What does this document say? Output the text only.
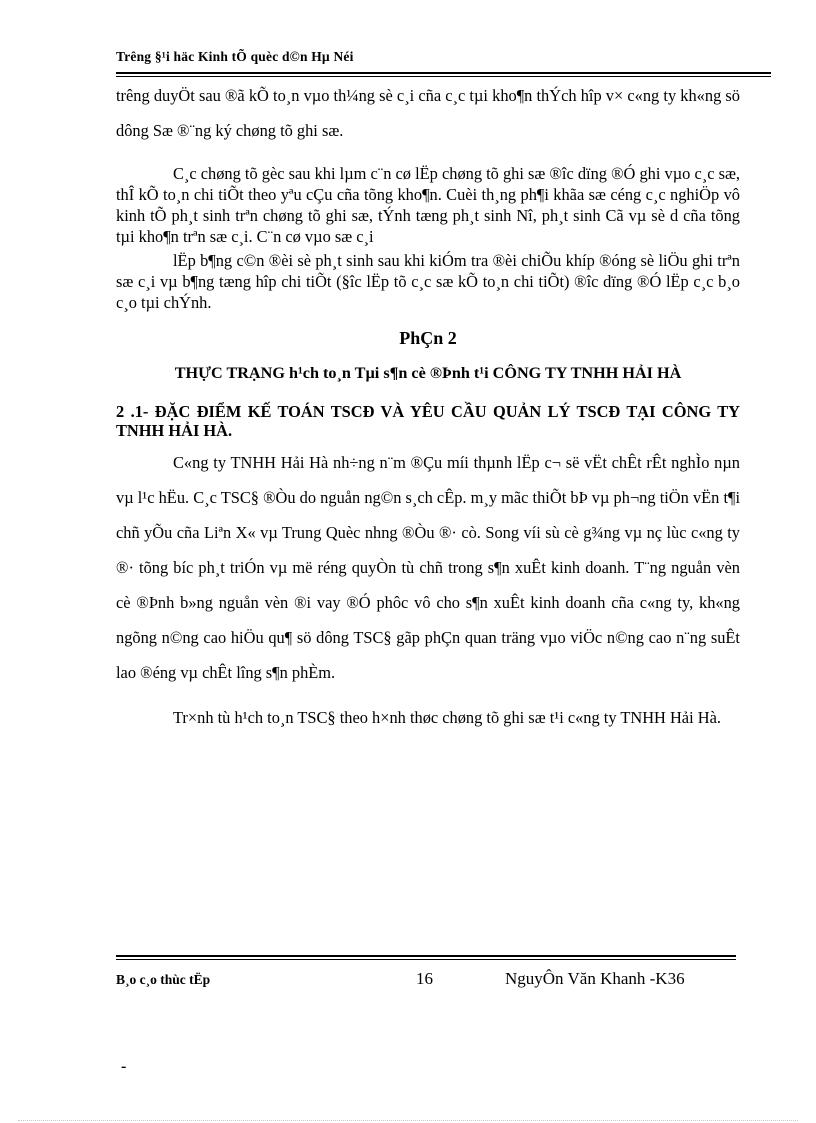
Trêng §¹i häc Kinh tÕ quèc d©n Hµ Néi

trêng duyÖt sau ®ã kÕ to¸n vµo th¼ng sè c¸i cña c¸c tµi kho¶n thÝch hîp v× c«ng ty kh«ng sö dông Sæ ®¨ng ký chøng tõ ghi sæ.

C¸c chøng tõ gèc sau khi lµm c¨n cø lËp chøng tõ ghi sæ ®îc dïng ®Ó ghi vµo c¸c sæ, thÎ kÕ to¸n chi tiÕt theo yªu cÇu cña tõng kho¶n. Cuèi th¸ng ph¶i khãa sæ céng c¸c nghiÖp vô kinh tÕ ph¸t sinh trªn chøng tõ ghi sæ, tÝnh tæng ph¸t sinh Nî, ph¸t sinh Cã vµ sè d cña tõng tµi kho¶n trªn sæ c¸i. C¨n cø vµo sæ c¸i

lËp b¶ng c©n ®èi sè ph¸t sinh sau khi kiÓm tra ®èi chiÕu khíp ®óng sè liÖu ghi trªn sæ c¸i vµ b¶ng tæng hîp chi tiÕt (§îc lËp tõ c¸c sæ kÕ to¸n chi tiÕt) ®îc dïng ®Ó lËp c¸c b¸o c¸o tµi chÝnh.

PhÇn 2
THỰC TRẠNG h¹ch to¸n Tµi s¶n cè ®Þnh t¹i CÔNG TY TNHH HẢI HÀ
2 .1- ĐẶC ĐIỂM KẾ TOÁN TSCĐ VÀ YÊU CẦU QUẢN LÝ TSCĐ TẠI CÔNG TY TNHH HẢI HÀ.

C«ng ty TNHH Hải Hà nh÷ng n¨m ®Çu míi thµnh lËp c¬ së vËt chÊt rÊt nghÌo nµn vµ l¹c hËu. C¸c TSC§ ®Òu do nguån ng©n s¸ch cÊp. m¸y mãc thiÕt bÞ vµ ph¬ng tiÖn vËn t¶i chñ yÕu cña Liªn X« vµ Trung Quèc nhng ®Òu ®· cò. Song víi sù cè g¾ng vµ nç lùc c«ng ty ®· tõng bíc ph¸t triÓn vµ më réng quyÒn tù chñ trong s¶n xuÊt kinh doanh. T¨ng nguån vèn cè ®Þnh b»ng nguån vèn ®i vay ®Ó phôc vô cho s¶n xuÊt kinh doanh cña c«ng ty, kh«ng ngõng n©ng cao hiÖu qu¶ sö dông TSC§ gãp phÇn quan träng vµo viÖc n©ng cao n¨ng suÊt lao ®éng vµ chÊt lîng s¶n phÈm.

Tr×nh tù h¹ch to¸n TSC§ theo h×nh thøc chøng tõ ghi sæ t¹i c«ng ty TNHH Hải Hà.

B¸o c¸o thùc tËp	16	NguyÔn Văn Khanh -K36
-
